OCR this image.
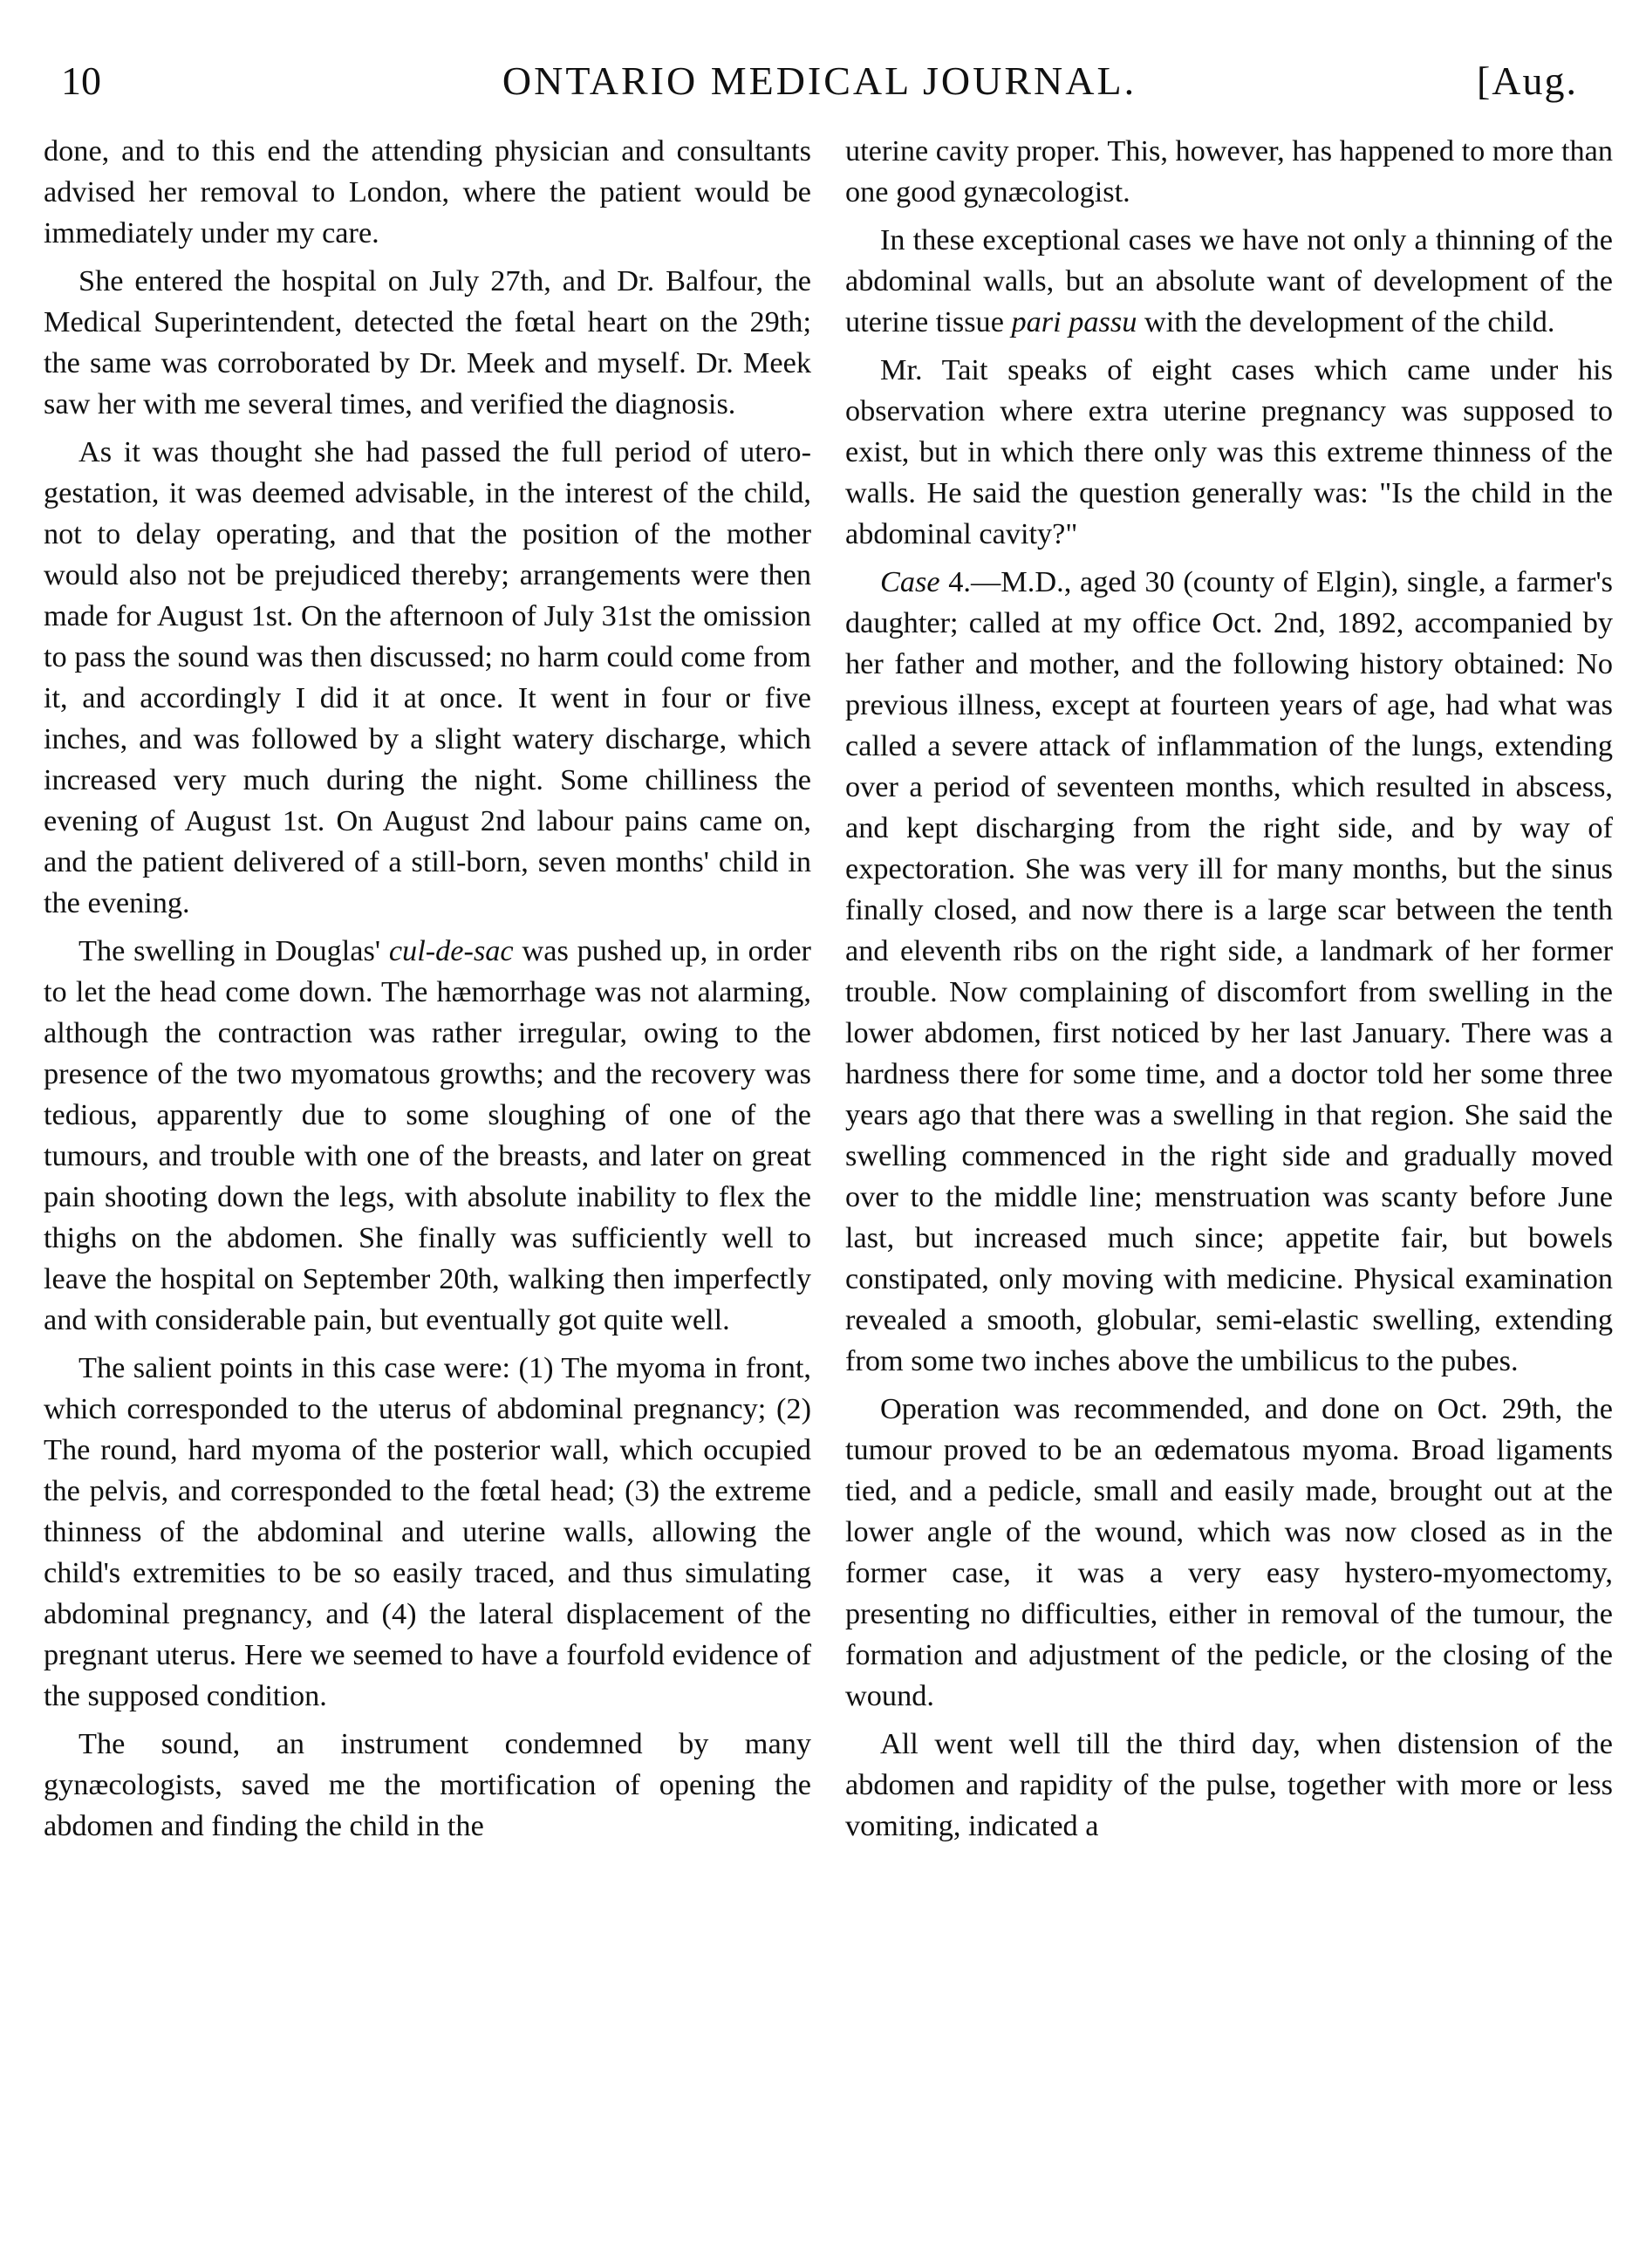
10	ONTARIO MEDICAL JOURNAL.	[Aug.

done, and to this end the attending physician and consultants advised her removal to London, where the patient would be immediately under my care.

She entered the hospital on July 27th, and Dr. Balfour, the Medical Superintendent, detected the fœtal heart on the 29th; the same was corroborated by Dr. Meek and myself. Dr. Meek saw her with me several times, and verified the diagnosis.

As it was thought she had passed the full period of utero-gestation, it was deemed advisable, in the interest of the child, not to delay operating, and that the position of the mother would also not be prejudiced thereby; arrangements were then made for August 1st. On the afternoon of July 31st the omission to pass the sound was then discussed; no harm could come from it, and accordingly I did it at once. It went in four or five inches, and was followed by a slight watery discharge, which increased very much during the night. Some chilliness the evening of August 1st. On August 2nd labour pains came on, and the patient delivered of a still-born, seven months' child in the evening.

The swelling in Douglas' cul-de-sac was pushed up, in order to let the head come down. The hæmorrhage was not alarming, although the contraction was rather irregular, owing to the presence of the two myomatous growths; and the recovery was tedious, apparently due to some sloughing of one of the tumours, and trouble with one of the breasts, and later on great pain shooting down the legs, with absolute inability to flex the thighs on the abdomen. She finally was sufficiently well to leave the hospital on September 20th, walking then imperfectly and with considerable pain, but eventually got quite well.

The salient points in this case were: (1) The myoma in front, which corresponded to the uterus of abdominal pregnancy; (2) The round, hard myoma of the posterior wall, which occupied the pelvis, and corresponded to the fœtal head; (3) the extreme thinness of the abdominal and uterine walls, allowing the child's extremities to be so easily traced, and thus simulating abdominal pregnancy, and (4) the lateral displacement of the pregnant uterus. Here we seemed to have a fourfold evidence of the supposed condition.

The sound, an instrument condemned by many gynæcologists, saved me the mortification of opening the abdomen and finding the child in the

uterine cavity proper. This, however, has happened to more than one good gynæcologist.

In these exceptional cases we have not only a thinning of the abdominal walls, but an absolute want of development of the uterine tissue pari passu with the development of the child.

Mr. Tait speaks of eight cases which came under his observation where extra uterine pregnancy was supposed to exist, but in which there only was this extreme thinness of the walls. He said the question generally was: "Is the child in the abdominal cavity?"

Case 4.—M.D., aged 30 (county of Elgin), single, a farmer's daughter; called at my office Oct. 2nd, 1892, accompanied by her father and mother, and the following history obtained: No previous illness, except at fourteen years of age, had what was called a severe attack of inflammation of the lungs, extending over a period of seventeen months, which resulted in abscess, and kept discharging from the right side, and by way of expectoration. She was very ill for many months, but the sinus finally closed, and now there is a large scar between the tenth and eleventh ribs on the right side, a landmark of her former trouble. Now complaining of discomfort from swelling in the lower abdomen, first noticed by her last January. There was a hardness there for some time, and a doctor told her some three years ago that there was a swelling in that region. She said the swelling commenced in the right side and gradually moved over to the middle line; menstruation was scanty before June last, but increased much since; appetite fair, but bowels constipated, only moving with medicine. Physical examination revealed a smooth, globular, semi-elastic swelling, extending from some two inches above the umbilicus to the pubes.

Operation was recommended, and done on Oct. 29th, the tumour proved to be an œdematous myoma. Broad ligaments tied, and a pedicle, small and easily made, brought out at the lower angle of the wound, which was now closed as in the former case, it was a very easy hystero-myomectomy, presenting no difficulties, either in removal of the tumour, the formation and adjustment of the pedicle, or the closing of the wound.

All went well till the third day, when distension of the abdomen and rapidity of the pulse, together with more or less vomiting, indicated a
